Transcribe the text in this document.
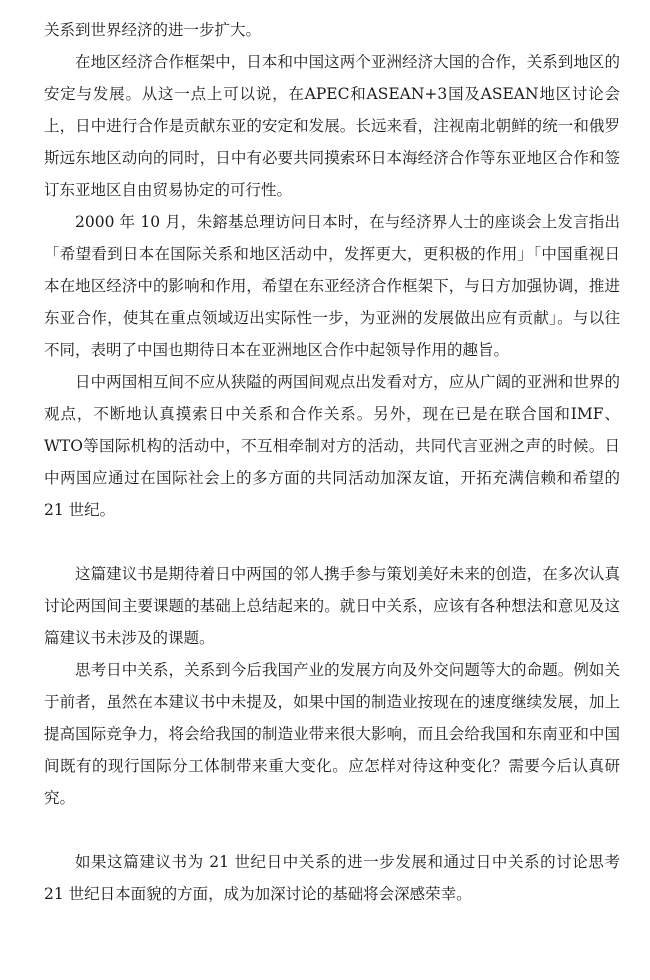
关系到世界经济的进一步扩大。

在地区经济合作框架中，日本和中国这两个亚洲经济大国的合作，关系到地区的安定与发展。从这一点上可以说，在APEC和ASEAN+3国及ASEAN地区讨论会上，日中进行合作是贡献东亚的安定和发展。长远来看，注视南北朝鲜的统一和俄罗斯远东地区动向的同时，日中有必要共同摸索环日本海经济合作等东亚地区合作和签订东亚地区自由贸易协定的可行性。

2000 年 10 月，朱鎔基总理访问日本时，在与经济界人士的座谈会上发言指出「希望看到日本在国际关系和地区活动中，发挥更大，更积极的作用」「中国重视日本在地区经济中的影响和作用，希望在东亚经济合作框架下，与日方加强协调，推进东亚合作，使其在重点领域迈出实际性一步，为亚洲的发展做出应有贡献」。与以往不同，表明了中国也期待日本在亚洲地区合作中起领导作用的趣旨。

日中两国相互间不应从狭隘的两国间观点出发看对方，应从广阔的亚洲和世界的观点，不断地认真摸索日中关系和合作关系。另外，现在已是在联合国和IMF、WTO等国际机构的活动中，不互相牵制对方的活动，共同代言亚洲之声的时候。日中两国应通过在国际社会上的多方面的共同活动加深友谊，开拓充满信赖和希望的 21 世纪。

这篇建议书是期待着日中两国的邻人携手参与策划美好未来的创造，在多次认真讨论两国间主要课题的基础上总结起来的。就日中关系，应该有各种想法和意见及这篇建议书未涉及的课题。

思考日中关系，关系到今后我国产业的发展方向及外交问题等大的命题。例如关于前者，虽然在本建议书中未提及，如果中国的制造业按现在的速度继续发展，加上提高国际竞争力，将会给我国的制造业带来很大影响，而且会给我国和东南亚和中国间既有的现行国际分工体制带来重大变化。应怎样对待这种变化？需要今后认真研究。

如果这篇建议书为 21 世纪日中关系的进一步发展和通过日中关系的讨论思考 21 世纪日本面貌的方面，成为加深讨论的基础将会深感荣幸。
